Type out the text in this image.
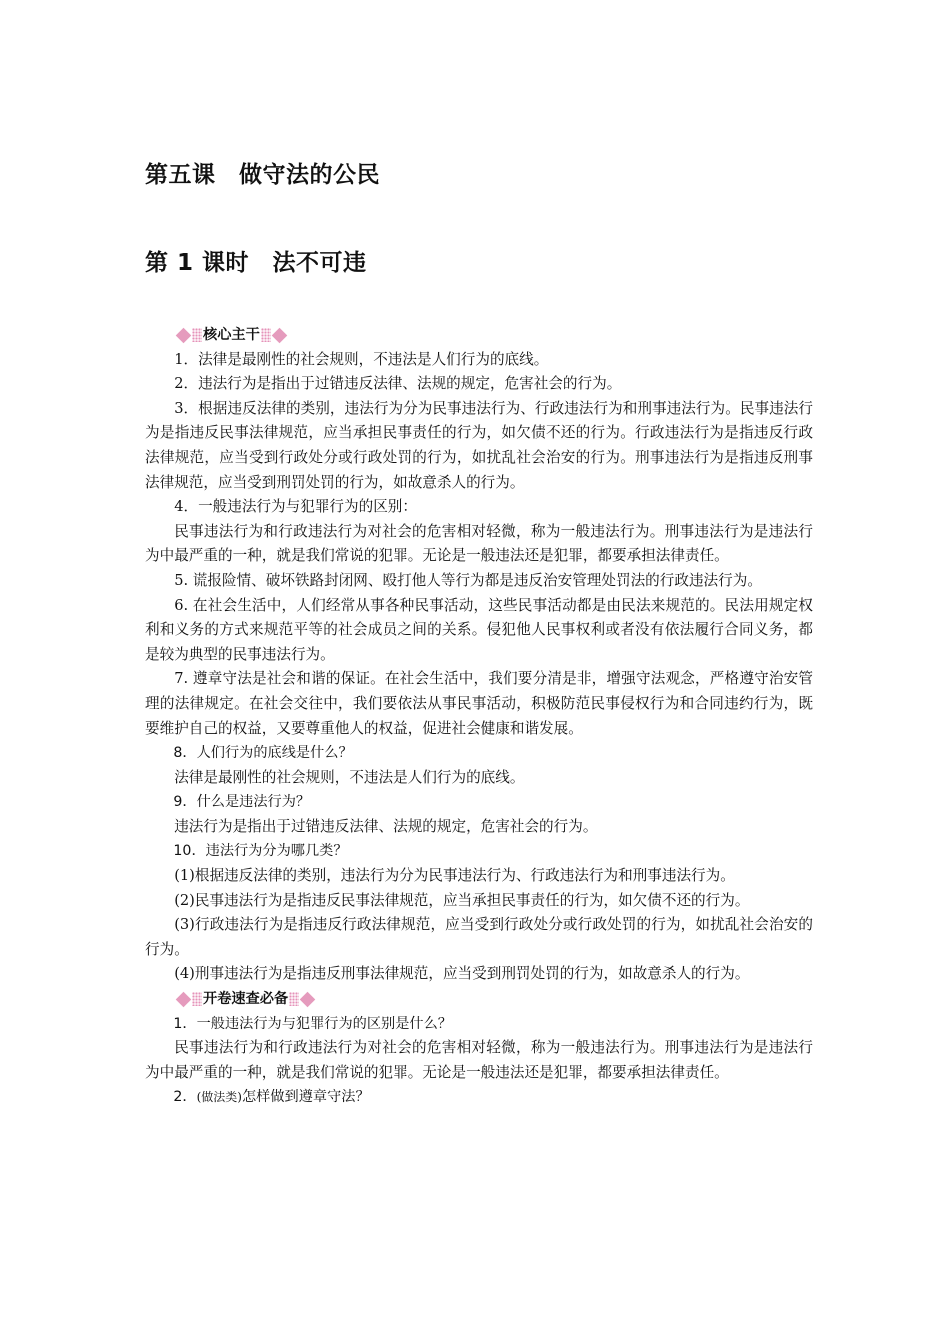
第五课　做守法的公民
第 1 课时　法不可违
核心主干

1．法律是最刚性的社会规则，不违法是人们行为的底线。

2．违法行为是指出于过错违反法律、法规的规定，危害社会的行为。

3．根据违反法律的类别，违法行为分为民事违法行为、行政违法行为和刑事违法行为。民事违法行为是指违反民事法律规范，应当承担民事责任的行为，如欠债不还的行为。行政违法行为是指违反行政法律规范，应当受到行政处分或行政处罚的行为，如扰乱社会治安的行为。刑事违法行为是指违反刑事法律规范，应当受到刑罚处罚的行为，如故意杀人的行为。

4．一般违法行为与犯罪行为的区别：

民事违法行为和行政违法行为对社会的危害相对轻微，称为一般违法行为。刑事违法行为是违法行为中最严重的一种，就是我们常说的犯罪。无论是一般违法还是犯罪，都要承担法律责任。

5. 谎报险情、破坏铁路封闭网、殴打他人等行为都是违反治安管理处罚法的行政违法行为。

6. 在社会生活中，人们经常从事各种民事活动，这些民事活动都是由民法来规范的。民法用规定权利和义务的方式来规范平等的社会成员之间的关系。侵犯他人民事权利或者没有依法履行合同义务，都是较为典型的民事违法行为。

7. 遵章守法是社会和谐的保证。在社会生活中，我们要分清是非，增强守法观念，严格遵守治安管理的法律规定。在社会交往中，我们要依法从事民事活动，积极防范民事侵权行为和合同违约行为，既要维护自己的权益，又要尊重他人的权益，促进社会健康和谐发展。

8．人们行为的底线是什么？

法律是最刚性的社会规则，不违法是人们行为的底线。

9．什么是违法行为？

违法行为是指出于过错违反法律、法规的规定，危害社会的行为。

10．违法行为分为哪几类？

(1)根据违反法律的类别，违法行为分为民事违法行为、行政违法行为和刑事违法行为。

(2)民事违法行为是指违反民事法律规范，应当承担民事责任的行为，如欠债不还的行为。

(3)行政违法行为是指违反行政法律规范，应当受到行政处分或行政处罚的行为，如扰乱社会治安的行为。

(4)刑事违法行为是指违反刑事法律规范，应当受到刑罚处罚的行为，如故意杀人的行为。

开卷速查必备

1．一般违法行为与犯罪行为的区别是什么？

民事违法行为和行政违法行为对社会的危害相对轻微，称为一般违法行为。刑事违法行为是违法行为中最严重的一种，就是我们常说的犯罪。无论是一般违法还是犯罪，都要承担法律责任。

2．(做法类)怎样做到遵章守法？
